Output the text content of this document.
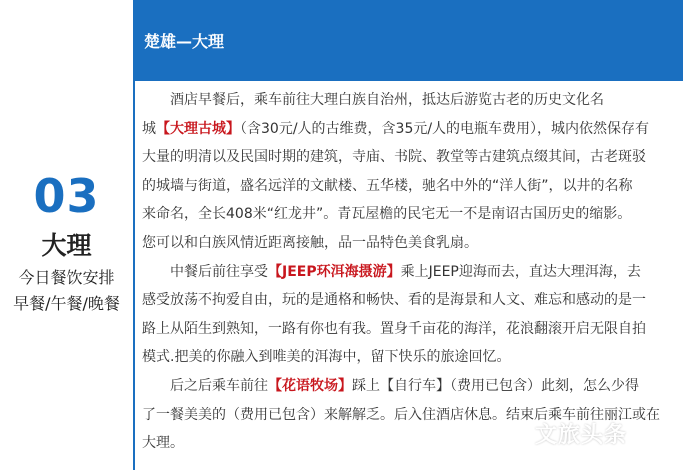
03
大理
今日餐饮安排
早餐/午餐/晚餐
楚雄—大理

酒店早餐后，乘车前往大理白族自治州，抵达后游览古老的历史文化名
城【大理古城】（含30元/人的古维费，含35元/人的电瓶车费用），城内依然保存有
大量的明清以及民国时期的建筑，寺庙、书院、教堂等古建筑点缀其间，古老斑驳
的城墙与街道，盛名远洋的文献楼、五华楼，驰名中外的“洋人街”，以井的名称
来命名，全长408米“红龙井”。青瓦屋檐的民宅无一不是南诏古国历史的缩影。
您可以和白族风情近距离接触，品一品特色美食乳扇。

中餐后前往享受【JEEP环洱海摄游】乘上JEEP迎海而去，直达大理洱海，去
感受放荡不拘爱自由，玩的是通格和畅快、看的是海景和人文、难忘和感动的是一
路上从陌生到熟知，一路有你也有我。置身千亩花的海洋，花浪翻滚开启无限自拍
模式.把美的你融入到唯美的洱海中，留下快乐的旅途回忆。

后之后乘车前往【花语牧场】踩上【自行车】（费用已包含）此刻，怎么少得
了一餐美美的（费用已包含）来解解乏。后入住酒店休息。结束后乘车前往丽江或在
大理。	文旅头条
